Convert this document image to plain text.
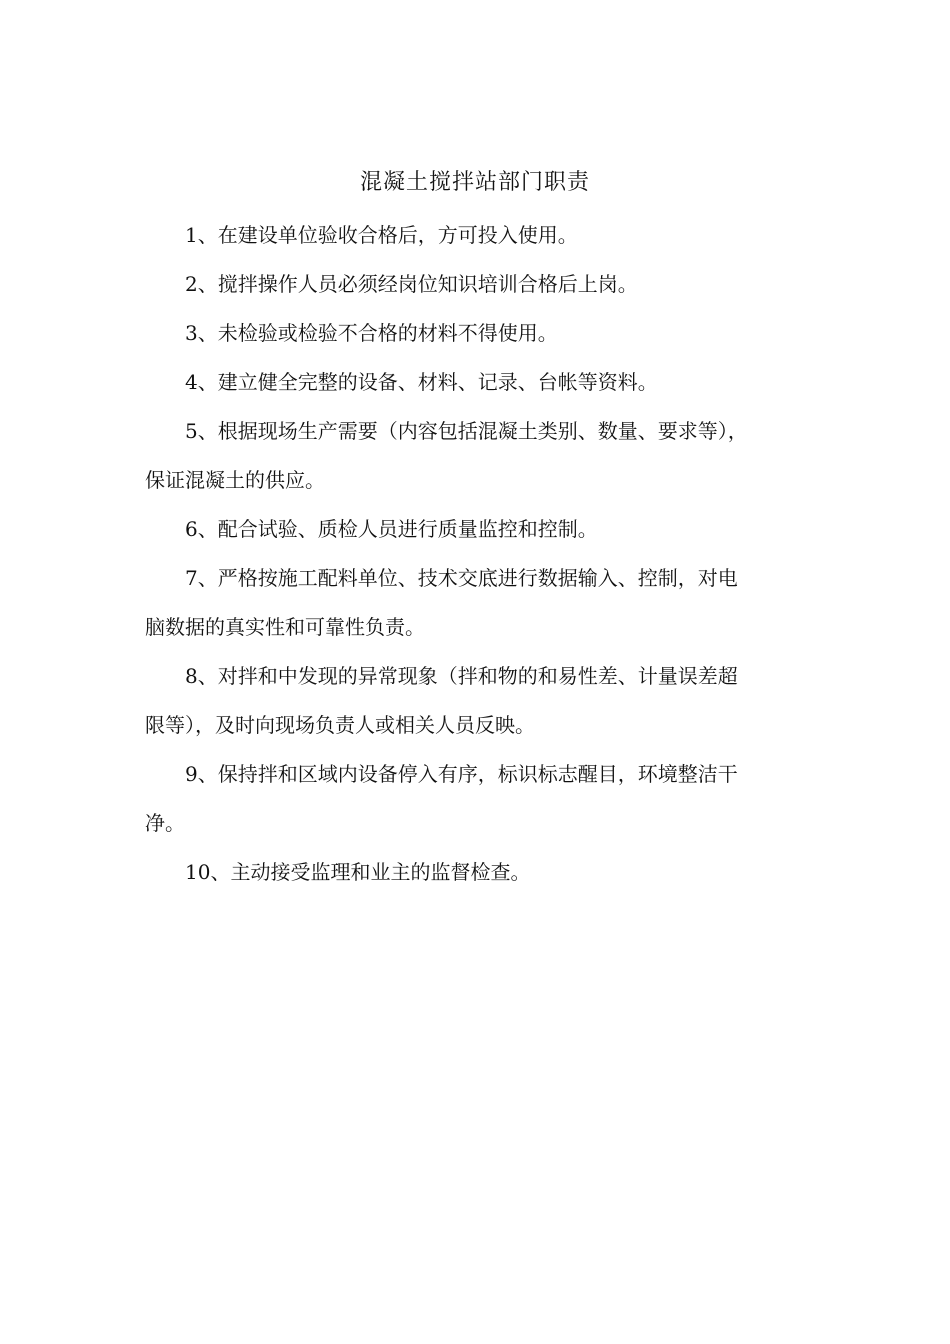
混凝土搅拌站部门职责

1、在建设单位验收合格后，方可投入使用。

2、搅拌操作人员必须经岗位知识培训合格后上岗。

3、未检验或检验不合格的材料不得使用。

4、建立健全完整的设备、材料、记录、台帐等资料。

5、根据现场生产需要（内容包括混凝土类别、数量、要求等），
保证混凝土的供应。

6、配合试验、质检人员进行质量监控和控制。

7、严格按施工配料单位、技术交底进行数据输入、控制，对电
脑数据的真实性和可靠性负责。

8、对拌和中发现的异常现象（拌和物的和易性差、计量误差超
限等），及时向现场负责人或相关人员反映。

9、保持拌和区域内设备停入有序，标识标志醒目，环境整洁干
净。

10、主动接受监理和业主的监督检查。
